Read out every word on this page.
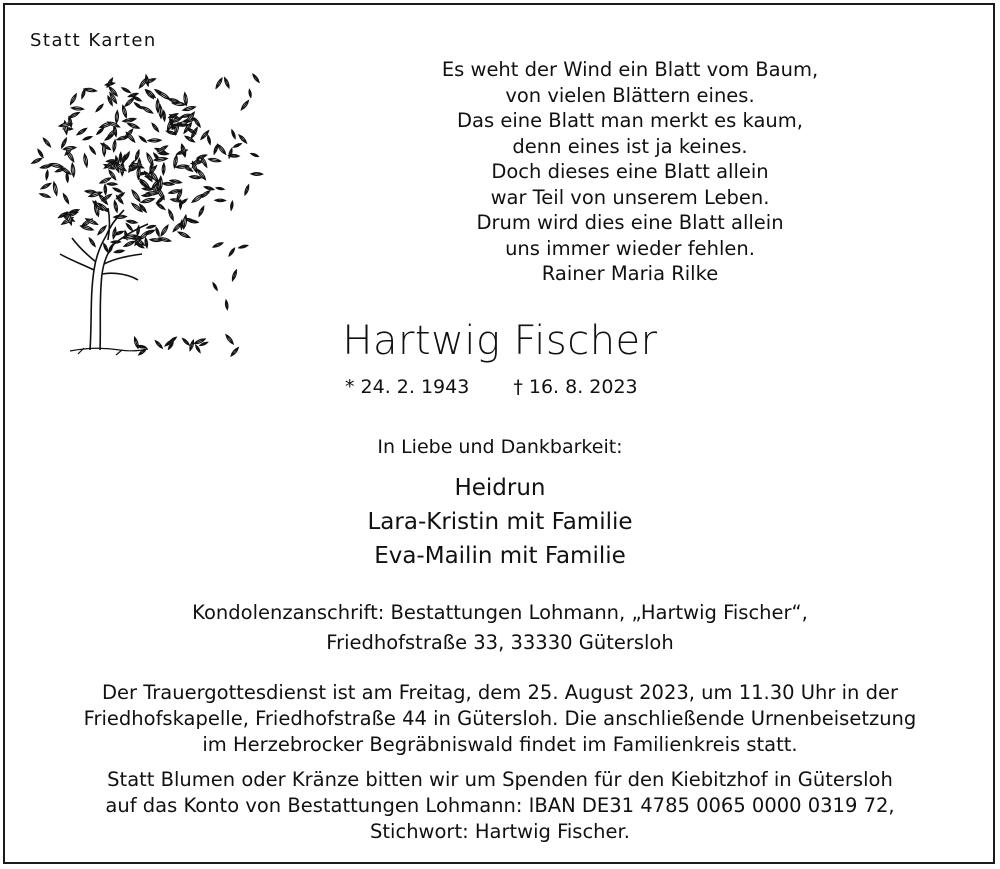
Statt Karten
Es weht der Wind ein Blatt vom Baum,
von vielen Blättern eines.
Das eine Blatt man merkt es kaum,
denn eines ist ja keines.
Doch dieses eine Blatt allein
war Teil von unserem Leben.
Drum wird dies eine Blatt allein
uns immer wieder fehlen.
Rainer Maria Rilke
Hartwig Fischer
* 24. 2. 1943 † 16. 8. 2023
In Liebe und Dankbarkeit:
Heidrun
Lara-Kristin mit Familie
Eva-Mailin mit Familie
Kondolenzanschrift: Bestattungen Lohmann, „Hartwig Fischer“,
Friedhofstraße 33, 33330 Gütersloh
Der Trauergottesdienst ist am Freitag, dem 25. August 2023, um 11.30 Uhr in der
Friedhofskapelle, Friedhofstraße 44 in Gütersloh. Die anschließende Urnenbeisetzung
im Herzebrocker Begräbniswald findet im Familienkreis statt.
Statt Blumen oder Kränze bitten wir um Spenden für den Kiebitzhof in Gütersloh
auf das Konto von Bestattungen Lohmann: IBAN DE31 4785 0065 0000 0319 72,
Stichwort: Hartwig Fischer.
